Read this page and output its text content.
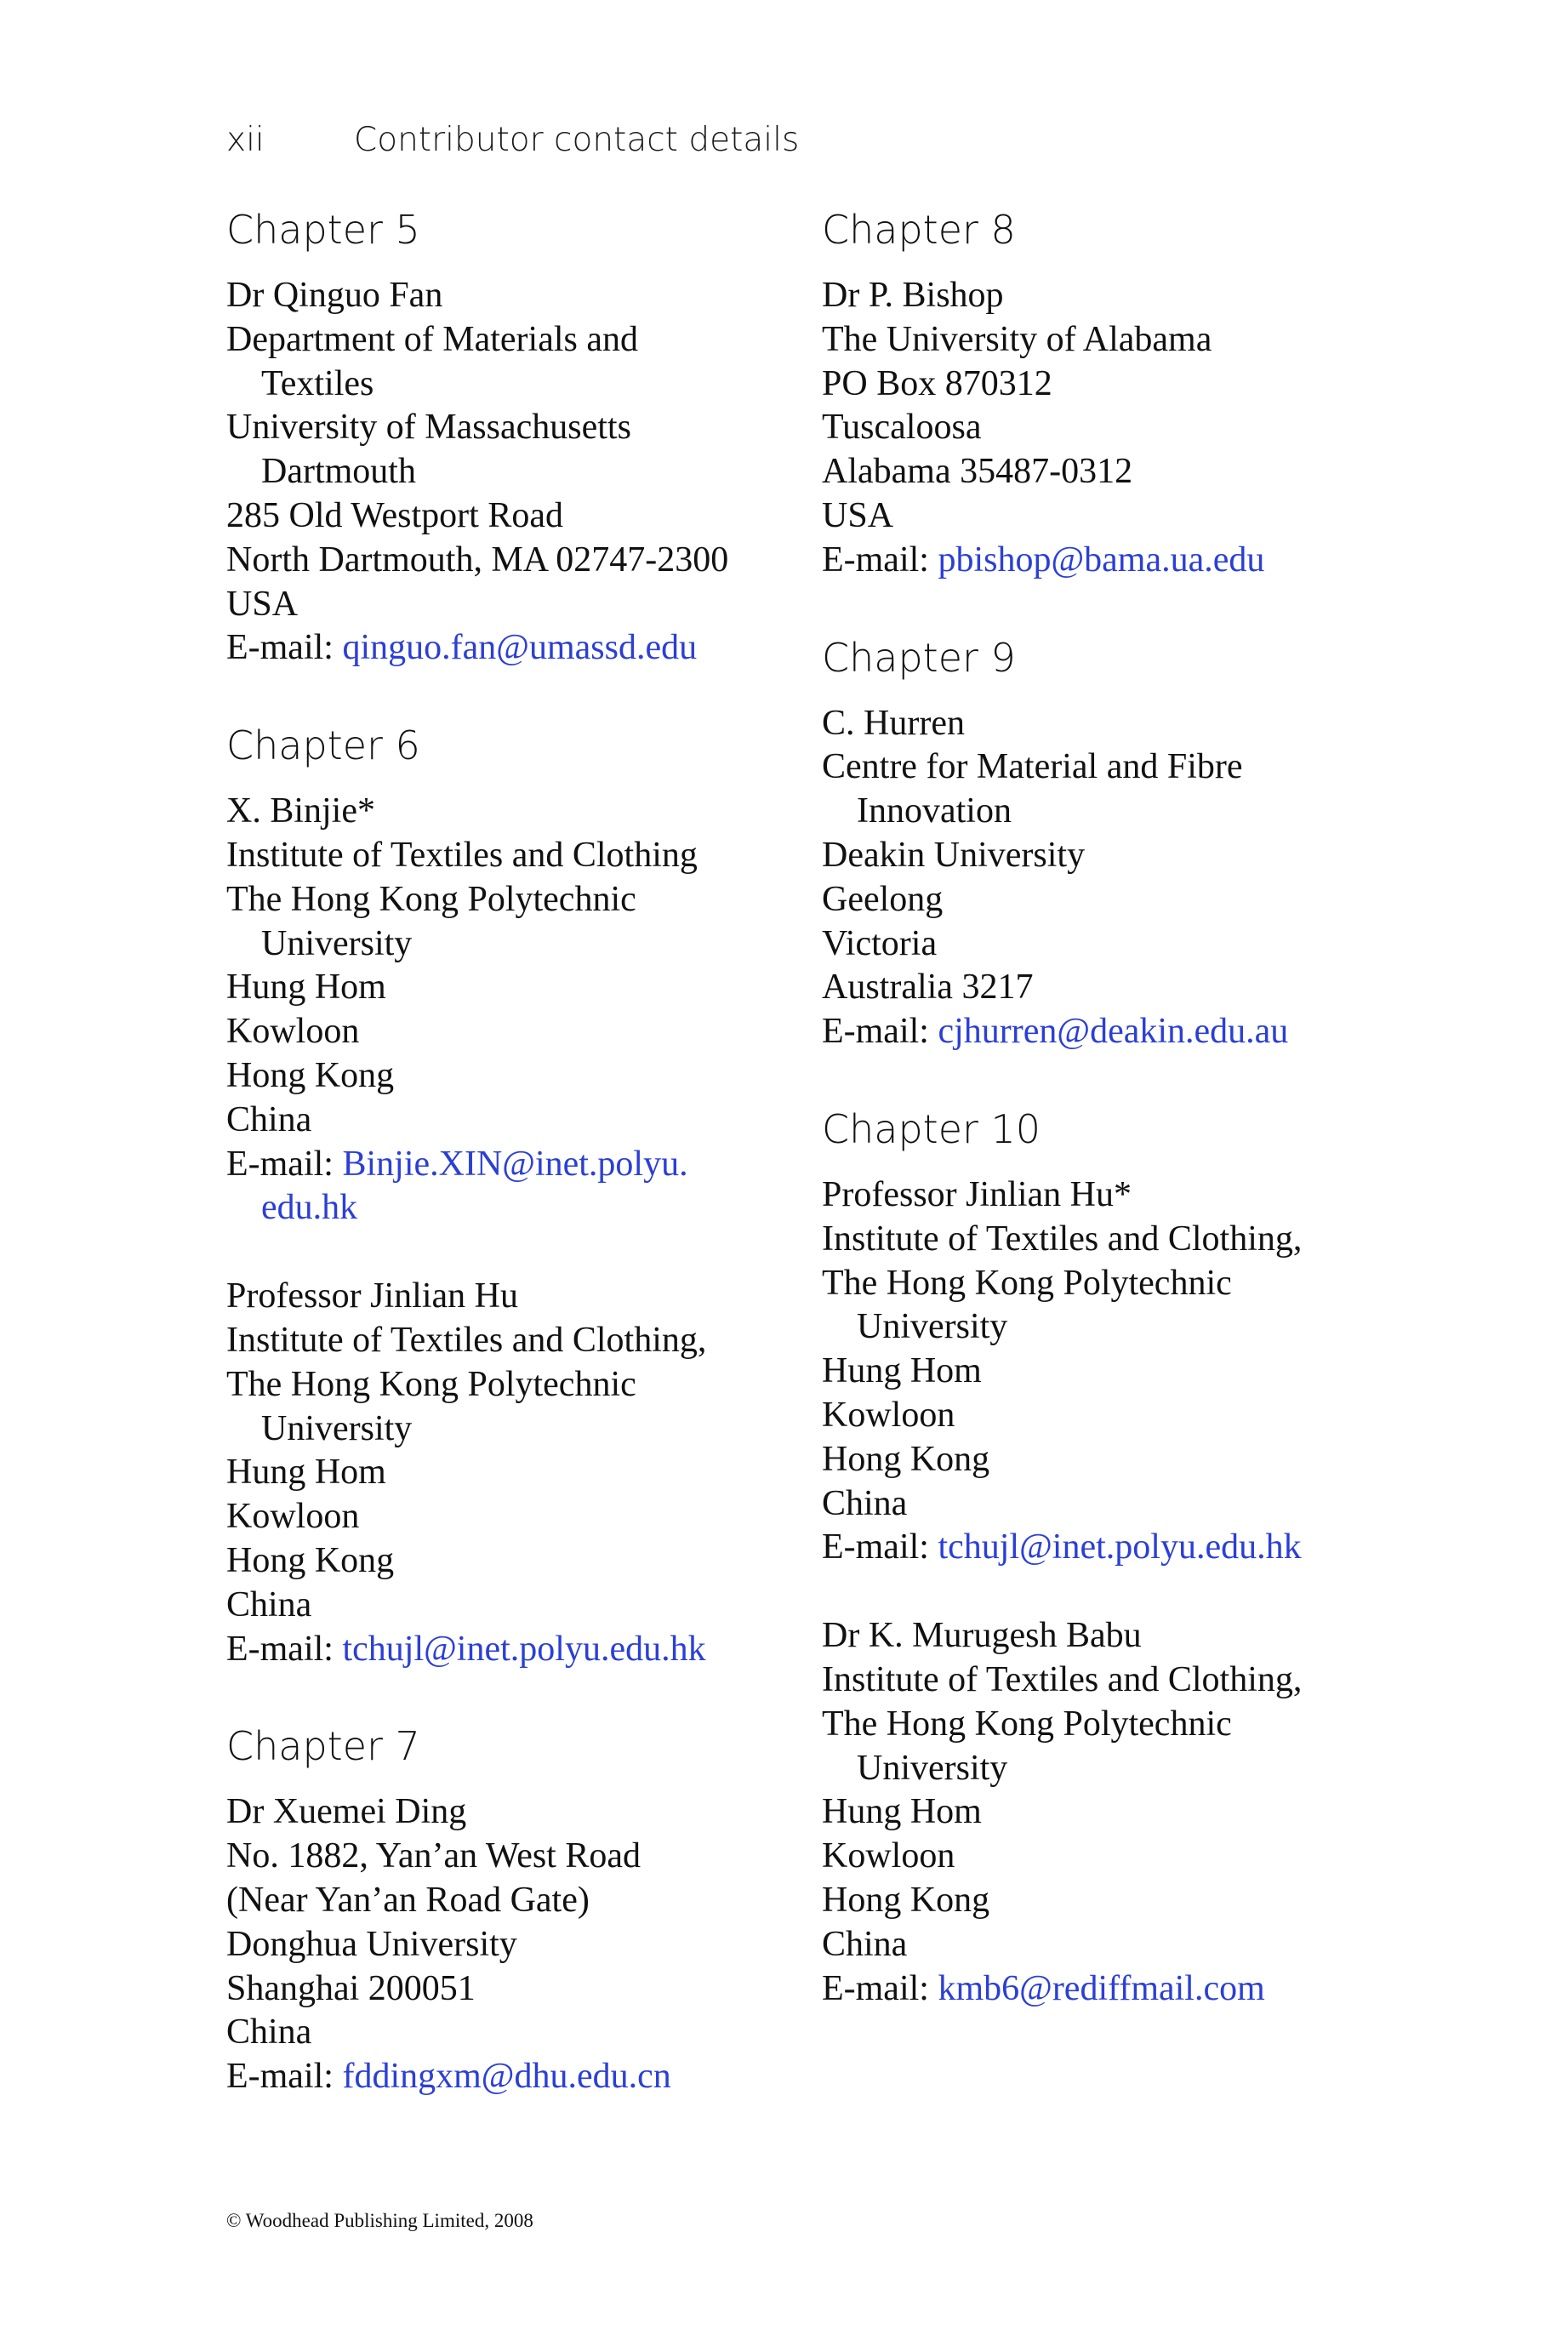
xii	Contributor contact details
Chapter 5
Dr Qinguo Fan
Department of Materials and
Textiles
University of Massachusetts
Dartmouth
285 Old Westport Road
North Dartmouth, MA 02747-2300
USA
E-mail: qinguo.fan@umassd.edu
Chapter 6
X. Binjie*
Institute of Textiles and Clothing
The Hong Kong Polytechnic
University
Hung Hom
Kowloon
Hong Kong
China
E-mail: Binjie.XIN@inet.polyu.
edu.hk
Professor Jinlian Hu
Institute of Textiles and Clothing,
The Hong Kong Polytechnic
University
Hung Hom
Kowloon
Hong Kong
China
E-mail: tchujl@inet.polyu.edu.hk
Chapter 7
Dr Xuemei Ding
No. 1882, Yan’an West Road
(Near Yan’an Road Gate)
Donghua University
Shanghai 200051
China
E-mail: fddingxm@dhu.edu.cn
Chapter 8
Dr P. Bishop
The University of Alabama
PO Box 870312
Tuscaloosa
Alabama 35487-0312
USA
E-mail: pbishop@bama.ua.edu
Chapter 9
C. Hurren
Centre for Material and Fibre
Innovation
Deakin University
Geelong
Victoria
Australia 3217
E-mail: cjhurren@deakin.edu.au
Chapter 10
Professor Jinlian Hu*
Institute of Textiles and Clothing,
The Hong Kong Polytechnic
University
Hung Hom
Kowloon
Hong Kong
China
E-mail: tchujl@inet.polyu.edu.hk
Dr K. Murugesh Babu
Institute of Textiles and Clothing,
The Hong Kong Polytechnic
University
Hung Hom
Kowloon
Hong Kong
China
E-mail: kmb6@rediffmail.com
© Woodhead Publishing Limited, 2008
